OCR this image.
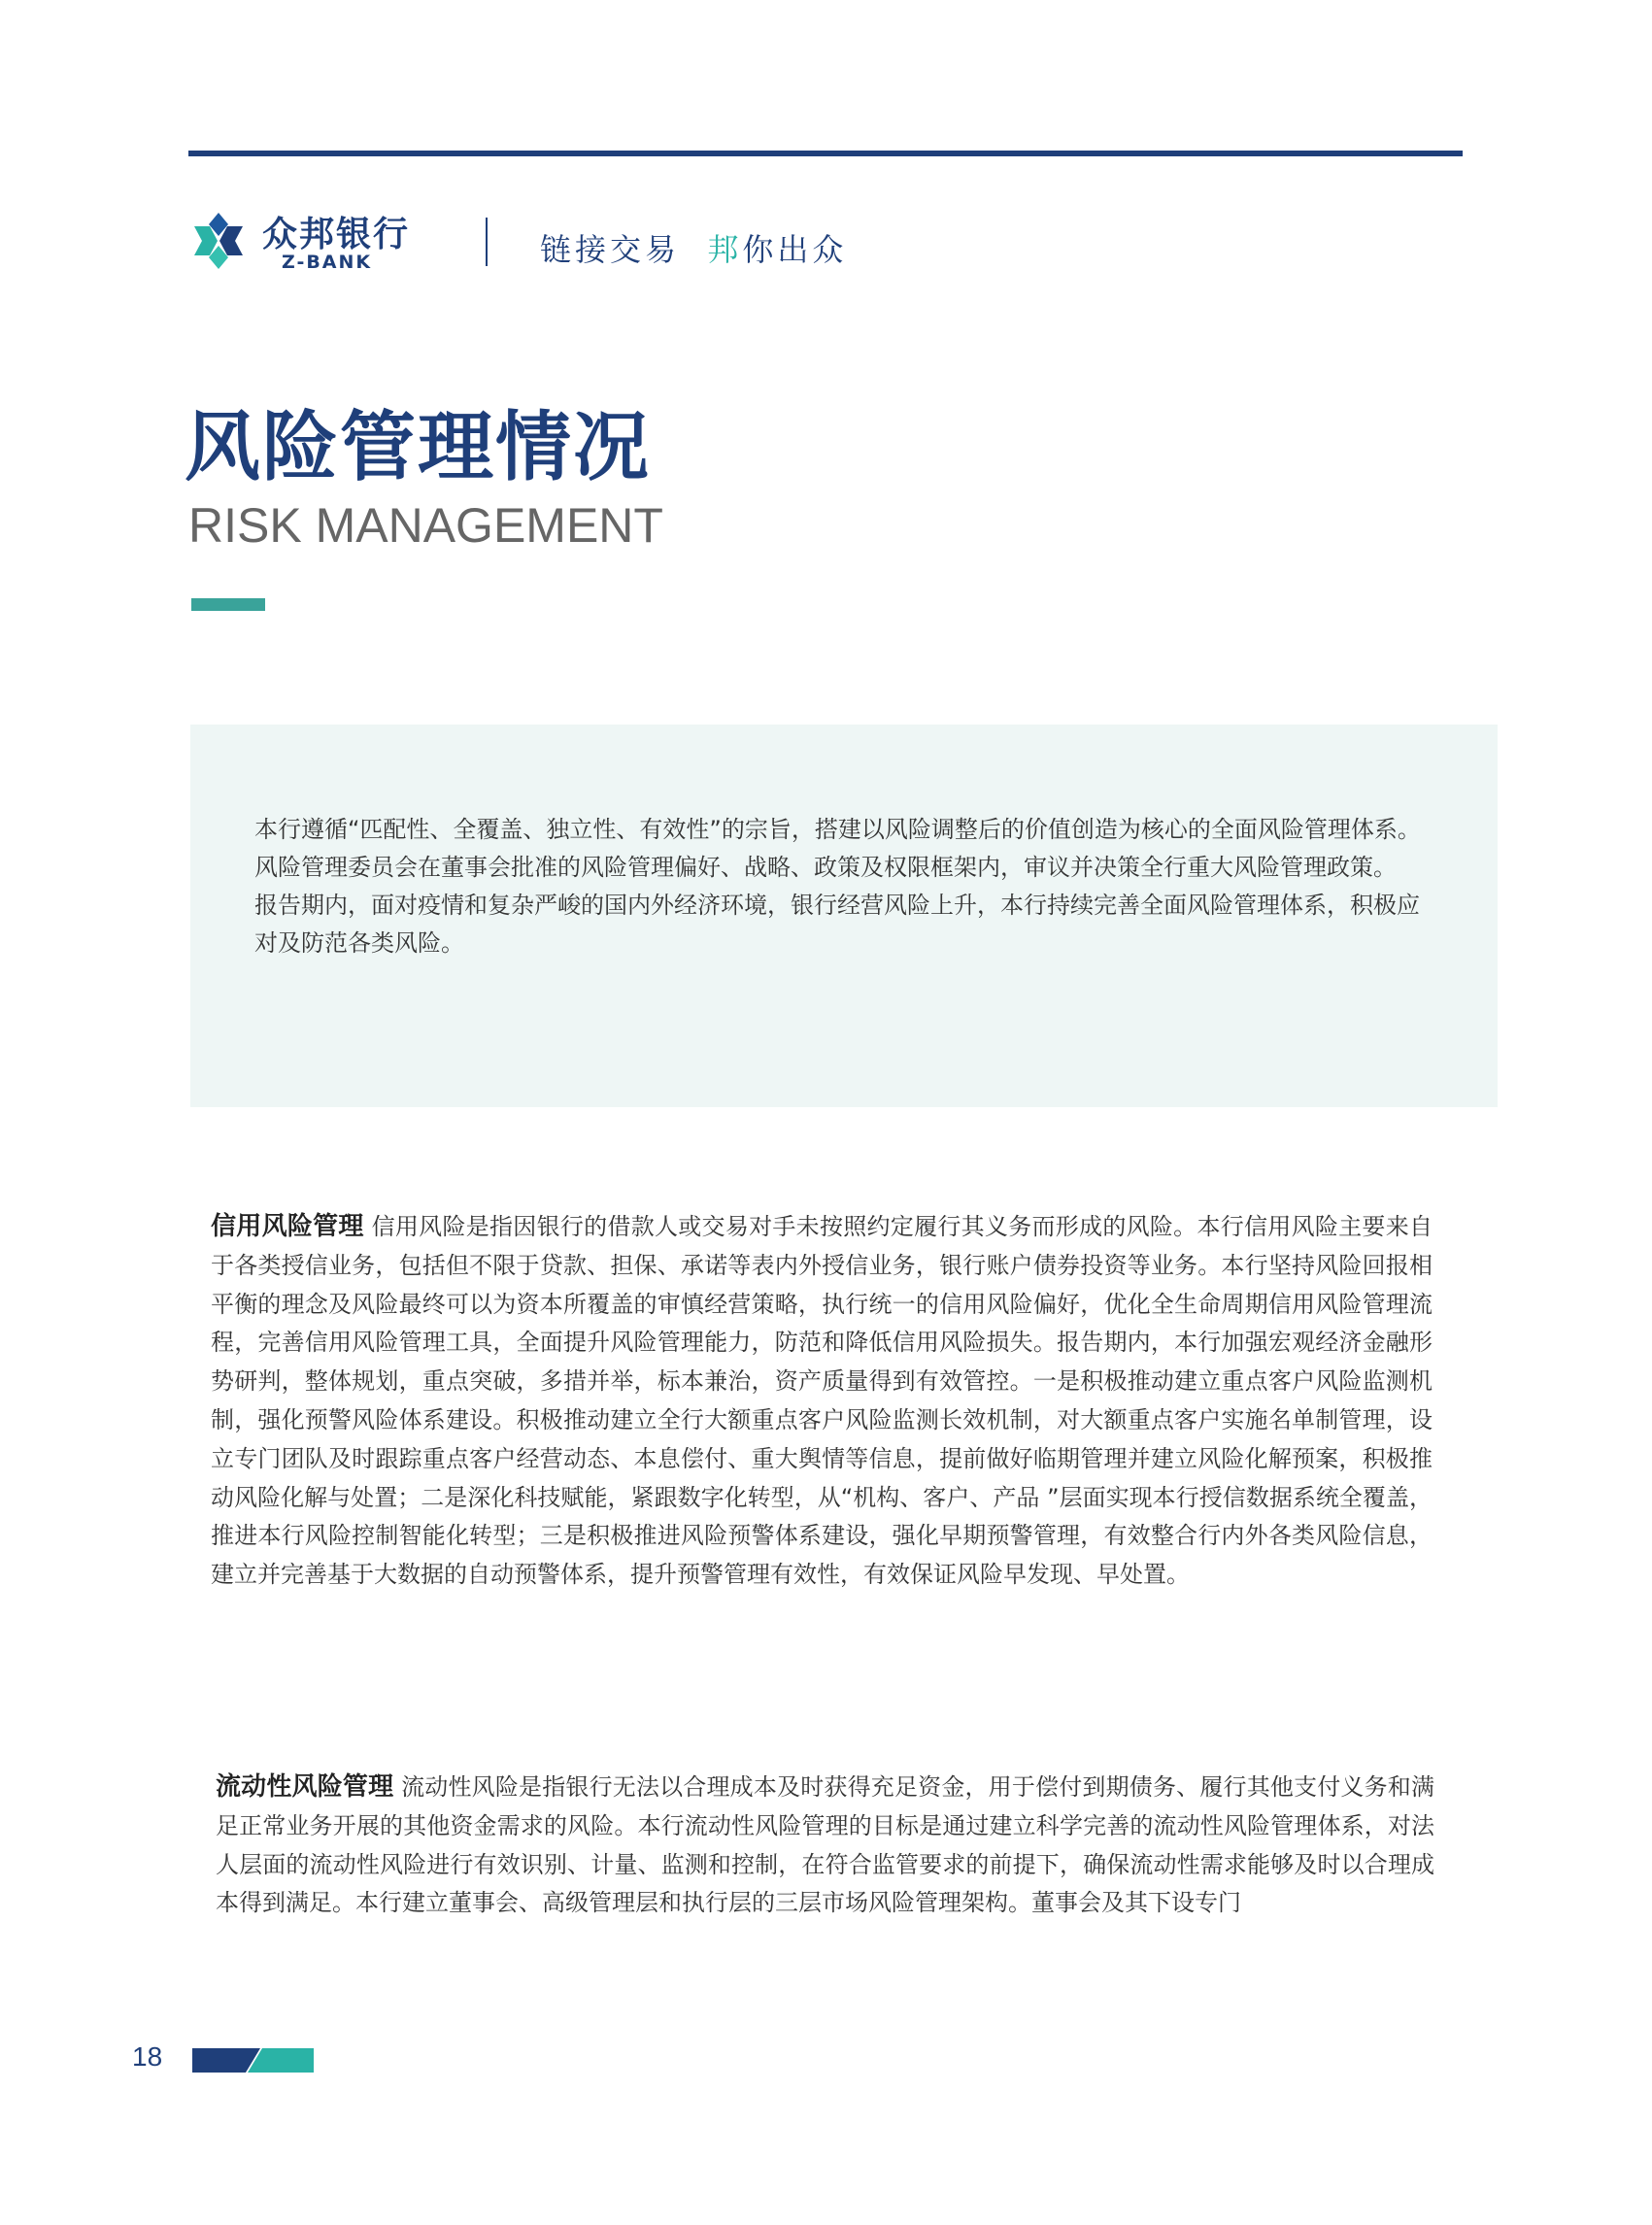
众邦银行
Z-BANK	链接交易 邦你出众
风险管理情况
RISK MANAGEMENT

本行遵循“匹配性、全覆盖、独立性、有效性”的宗旨，搭建以风险调整后的价值创造为核心的全面风险管理体系。风险管理委员会在董事会批准的风险管理偏好、战略、政策及权限框架内，审议并决策全行重大风险管理政策。

报告期内，面对疫情和复杂严峻的国内外经济环境，银行经营风险上升，本行持续完善全面风险管理体系，积极应对及防范各类风险。

信用风险管理 信用风险是指因银行的借款人或交易对手未按照约定履行其义务而形成的风险。本行信用风险主要来自于各类授信业务，包括但不限于贷款、担保、承诺等表内外授信业务，银行账户债券投资等业务。本行坚持风险回报相平衡的理念及风险最终可以为资本所覆盖的审慎经营策略，执行统一的信用风险偏好，优化全生命周期信用风险管理流程，完善信用风险管理工具，全面提升风险管理能力，防范和降低信用风险损失。报告期内，本行加强宏观经济金融形势研判，整体规划，重点突破，多措并举，标本兼治，资产质量得到有效管控。一是积极推动建立重点客户风险监测机制，强化预警风险体系建设。积极推动建立全行大额重点客户风险监测长效机制，对大额重点客户实施名单制管理，设立专门团队及时跟踪重点客户经营动态、本息偿付、重大舆情等信息，提前做好临期管理并建立风险化解预案，积极推动风险化解与处置；二是深化科技赋能，紧跟数字化转型，从“机构、客户、产品 ”层面实现本行授信数据系统全覆盖，推进本行风险控制智能化转型；三是积极推进风险预警体系建设，强化早期预警管理，有效整合行内外各类风险信息，建立并完善基于大数据的自动预警体系，提升预警管理有效性，有效保证风险早发现、早处置。
流动性风险管理 流动性风险是指银行无法以合理成本及时获得充足资金，用于偿付到期债务、履行其他支付义务和满足正常业务开展的其他资金需求的风险。本行流动性风险管理的目标是通过建立科学完善的流动性风险管理体系，对法人层面的流动性风险进行有效识别、计量、监测和控制，在符合监管要求的前提下，确保流动性需求能够及时以合理成本得到满足。本行建立董事会、高级管理层和执行层的三层市场风险管理架构。董事会及其下设专门
18
